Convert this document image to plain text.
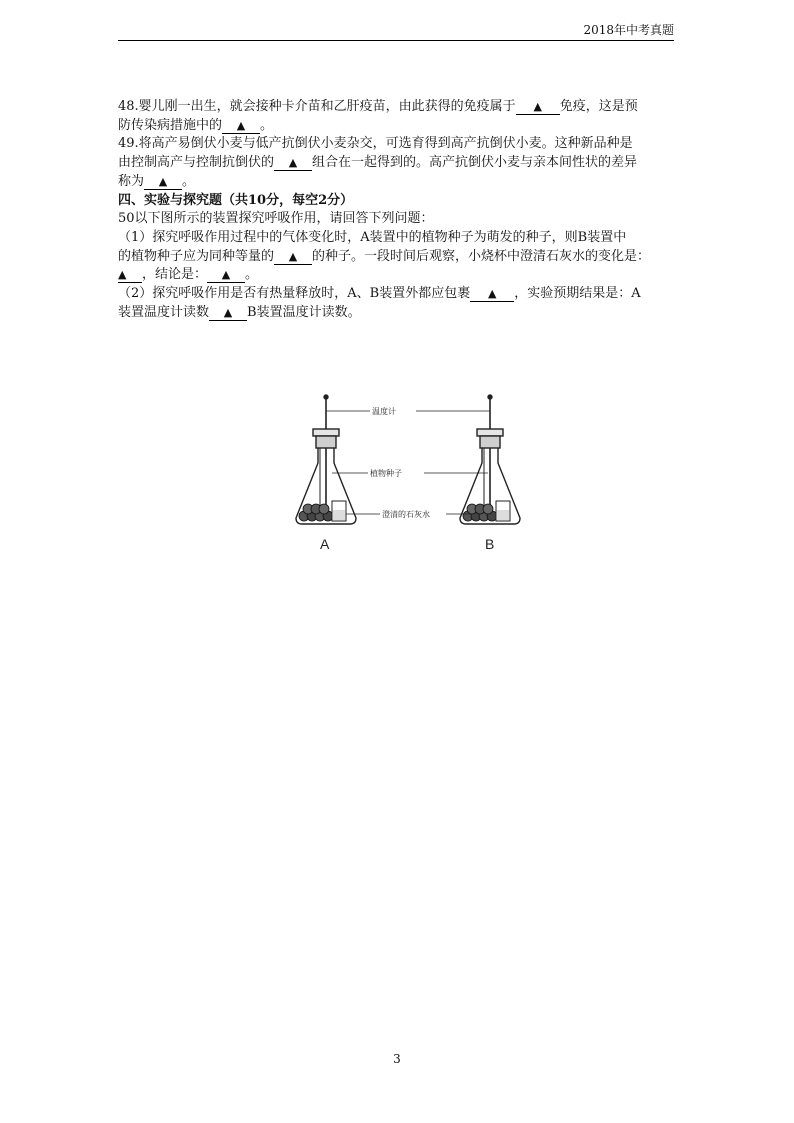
2018年中考真题
48.婴儿刚一出生，就会接种卡介苗和乙肝疫苗，由此获得的免疫属于 ▲ 免疫，这是预
防传染病措施中的 ▲ 。
49.将高产易倒伏小麦与低产抗倒伏小麦杂交，可选育得到高产抗倒伏小麦。这种新品种是
由控制高产与控制抗倒伏的 ▲ 组合在一起得到的。高产抗倒伏小麦与亲本间性状的差异
称为 ▲ 。
四、实验与探究题（共10分，每空2分）
50以下图所示的装置探究呼吸作用，请回答下列问题：
（1）探究呼吸作用过程中的气体变化时，A装置中的植物种子为萌发的种子，则B装置中
的植物种子应为同种等量的 ▲ 的种子。一段时间后观察，小烧杯中澄清石灰水的变化是：
▲ ，结论是： ▲ 。
（2）探究呼吸作用是否有热量释放时，A、B装置外都应包裹 ▲ ，实验预期结果是：A
装置温度计读数 ▲ B装置温度计读数。
温度计
植物种子
澄清的石灰水
A	B
3
